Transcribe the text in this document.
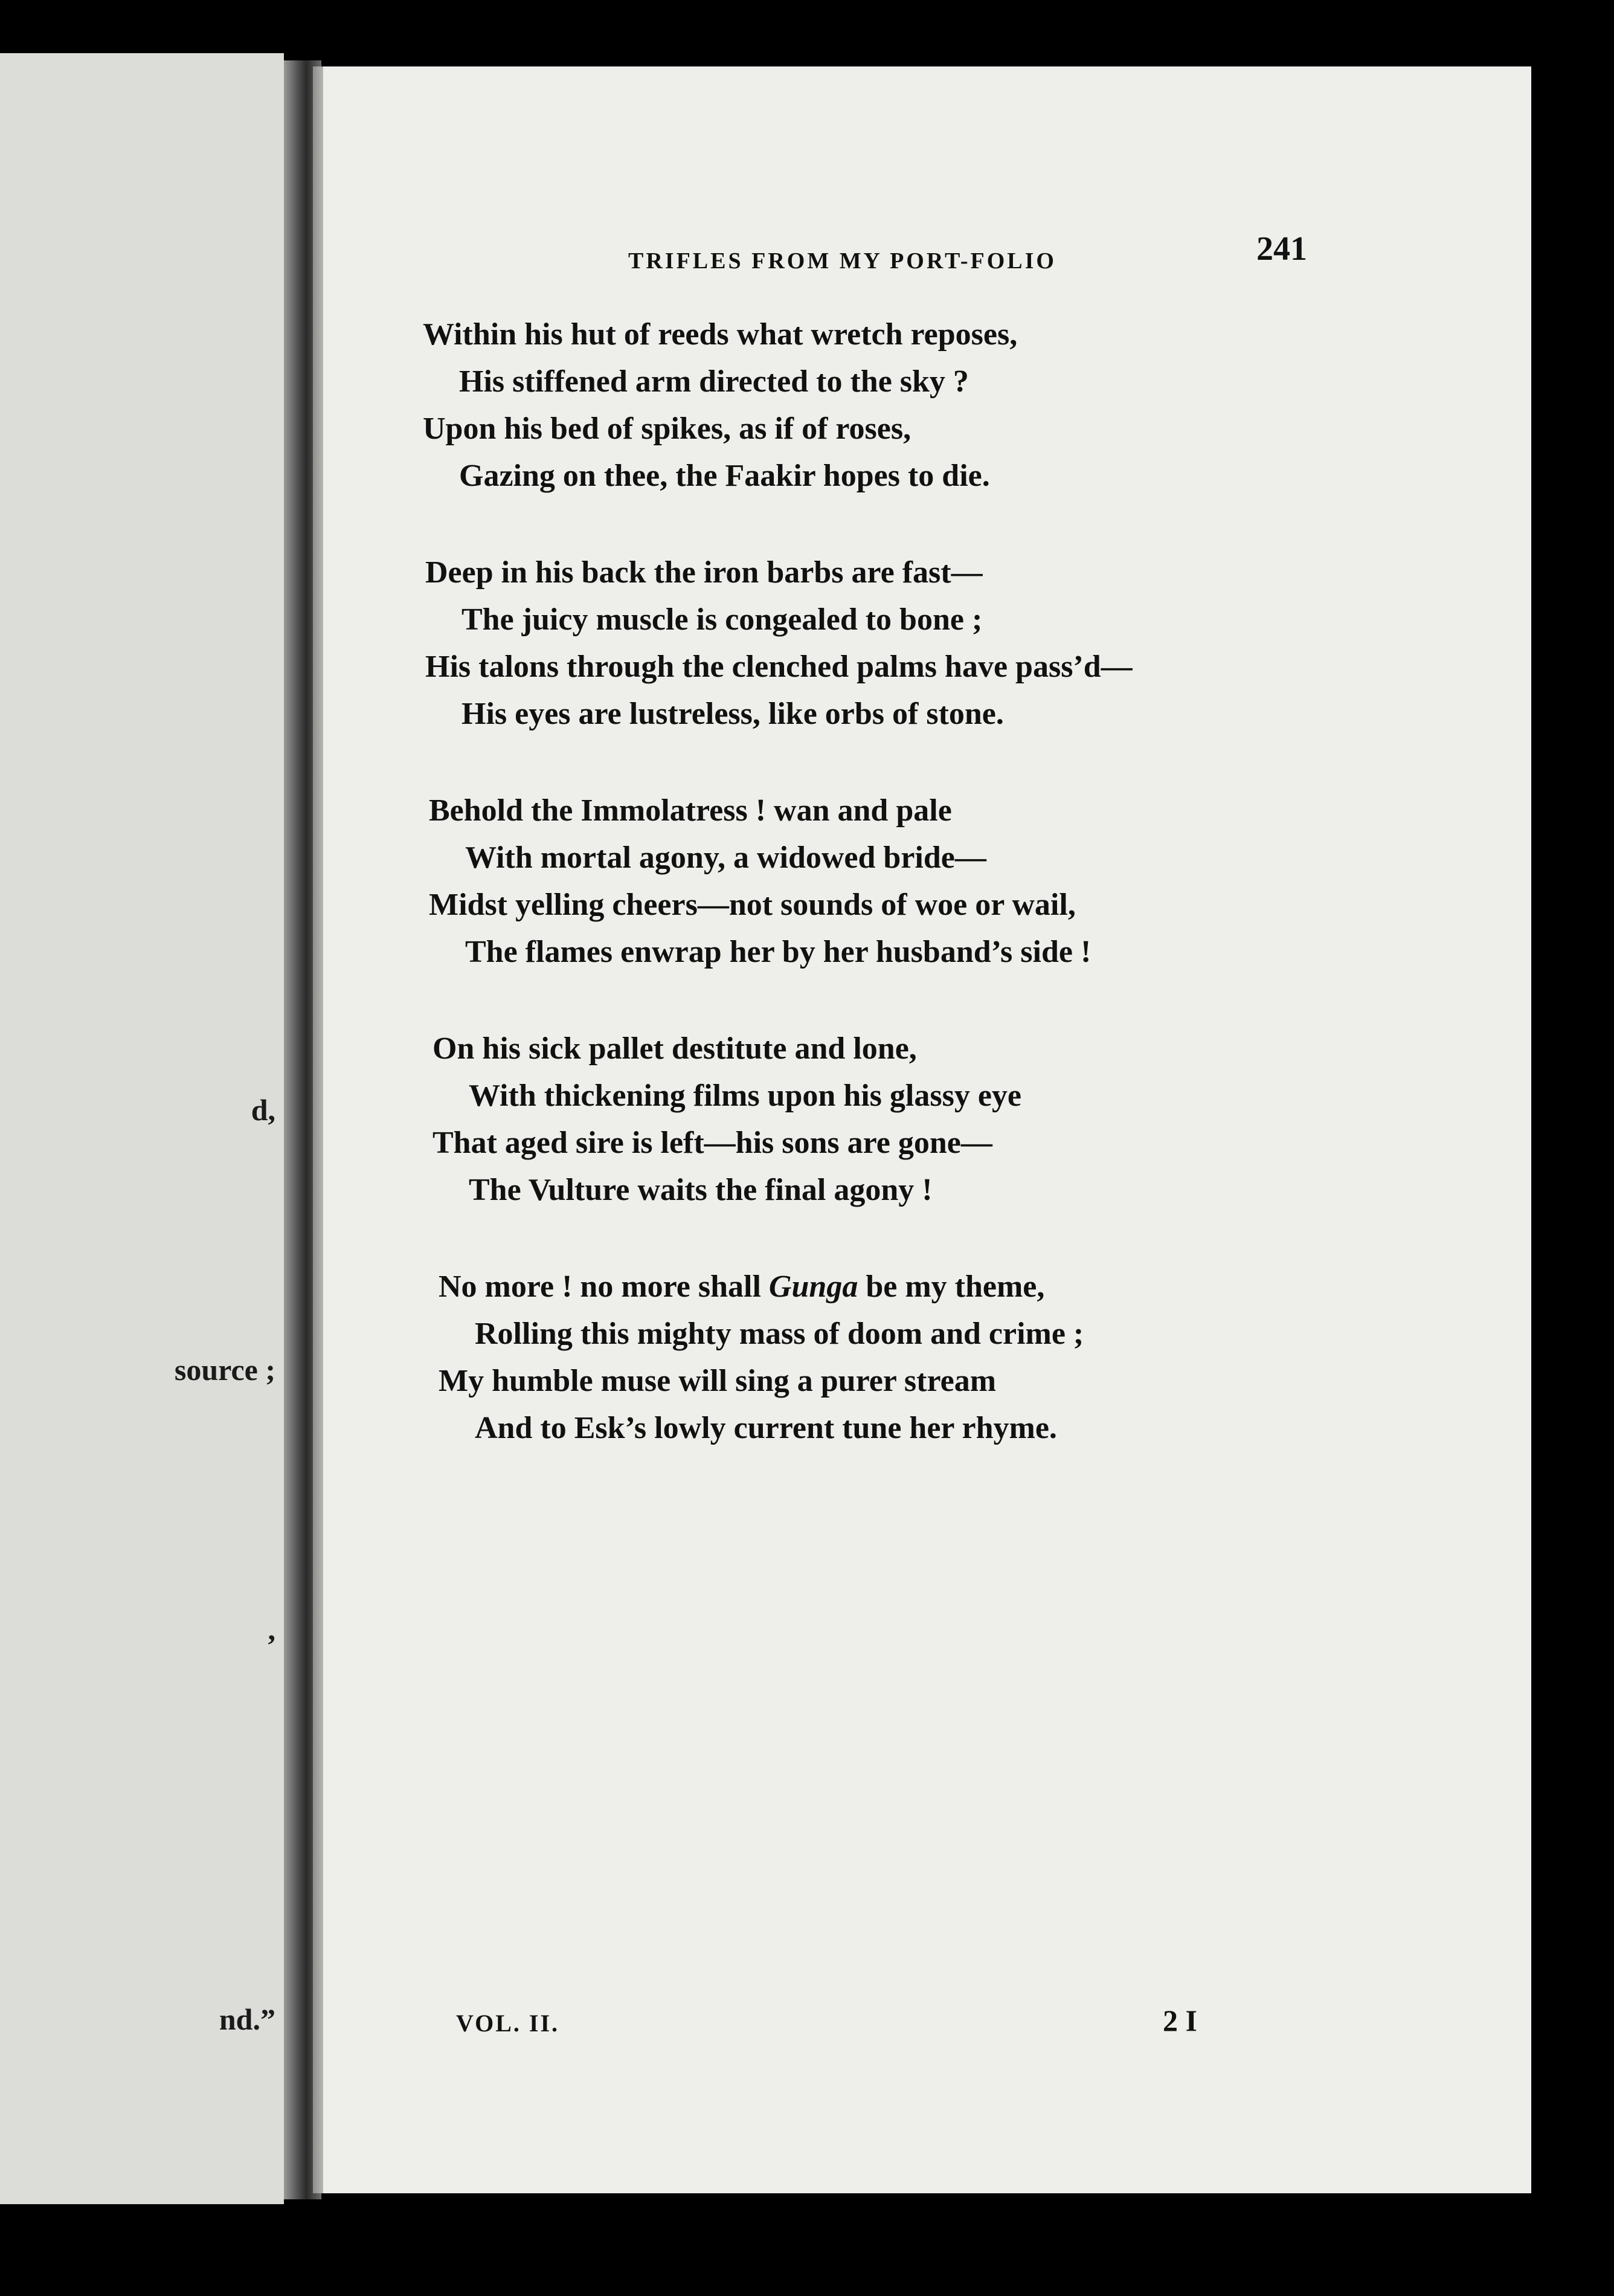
d,
source ;
,
nd.”
TRIFLES FROM MY PORT-FOLIO	241
Within his hut of reeds what wretch reposes,
His stiffened arm directed to the sky ?
Upon his bed of spikes, as if of roses,
Gazing on thee, the Faakir hopes to die.
Deep in his back the iron barbs are fast—
The juicy muscle is congealed to bone ;
His talons through the clenched palms have pass’d—
His eyes are lustreless, like orbs of stone.
Behold the Immolatress ! wan and pale
With mortal agony, a widowed bride—
Midst yelling cheers—not sounds of woe or wail,
The flames enwrap her by her husband’s side !
On his sick pallet destitute and lone,
With thickening films upon his glassy eye
That aged sire is left—his sons are gone—
The Vulture waits the final agony !
No more ! no more shall Gunga be my theme,
Rolling this mighty mass of doom and crime ;
My humble muse will sing a purer stream
And to Esk’s lowly current tune her rhyme.
VOL. II.	2 I
